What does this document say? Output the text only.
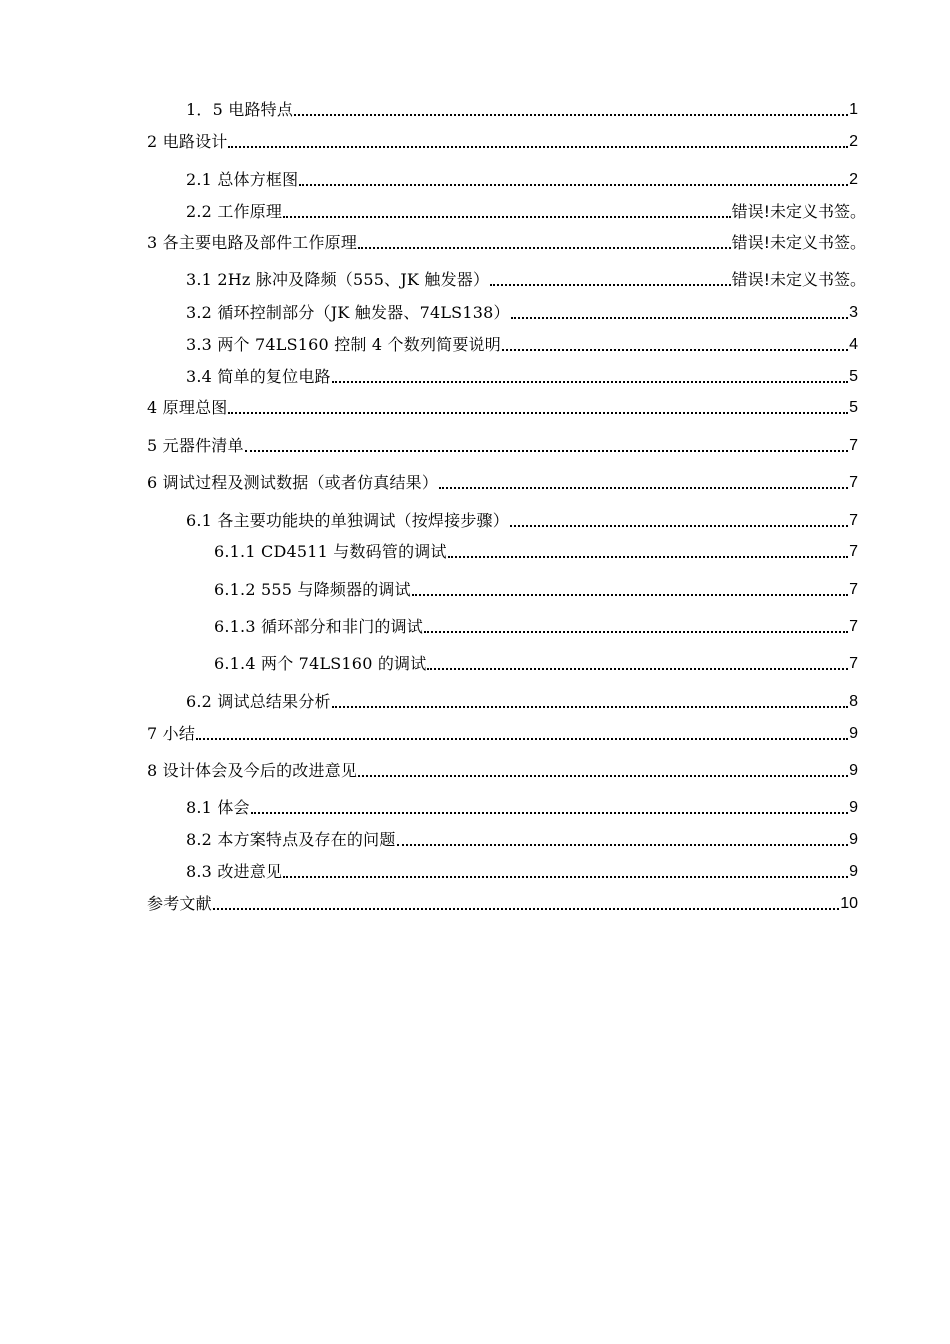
1．5 电路特点	1
2 电路设计	2
2.1 总体方框图	2
2.2 工作原理	错误!未定义书签。
3 各主要电路及部件工作原理	错误!未定义书签。
3.1 2Hz 脉冲及降频（555、JK 触发器）	错误!未定义书签。
3.2 循环控制部分（JK 触发器、74LS138）	3
3.3 两个 74LS160 控制 4 个数列简要说明	4
3.4 简单的复位电路	5
4 原理总图	5
5 元器件清单	7
6 调试过程及测试数据（或者仿真结果）	7
6.1 各主要功能块的单独调试（按焊接步骤）	7
6.1.1 CD4511 与数码管的调试	7
6.1.2 555 与降频器的调试	7
6.1.3 循环部分和非门的调试	7
6.1.4 两个 74LS160 的调试	7
6.2 调试总结果分析	8
7 小结	9
8 设计体会及今后的改进意见	9
8.1 体会	9
8.2 本方案特点及存在的问题	9
8.3 改进意见	9
参考文献	10
